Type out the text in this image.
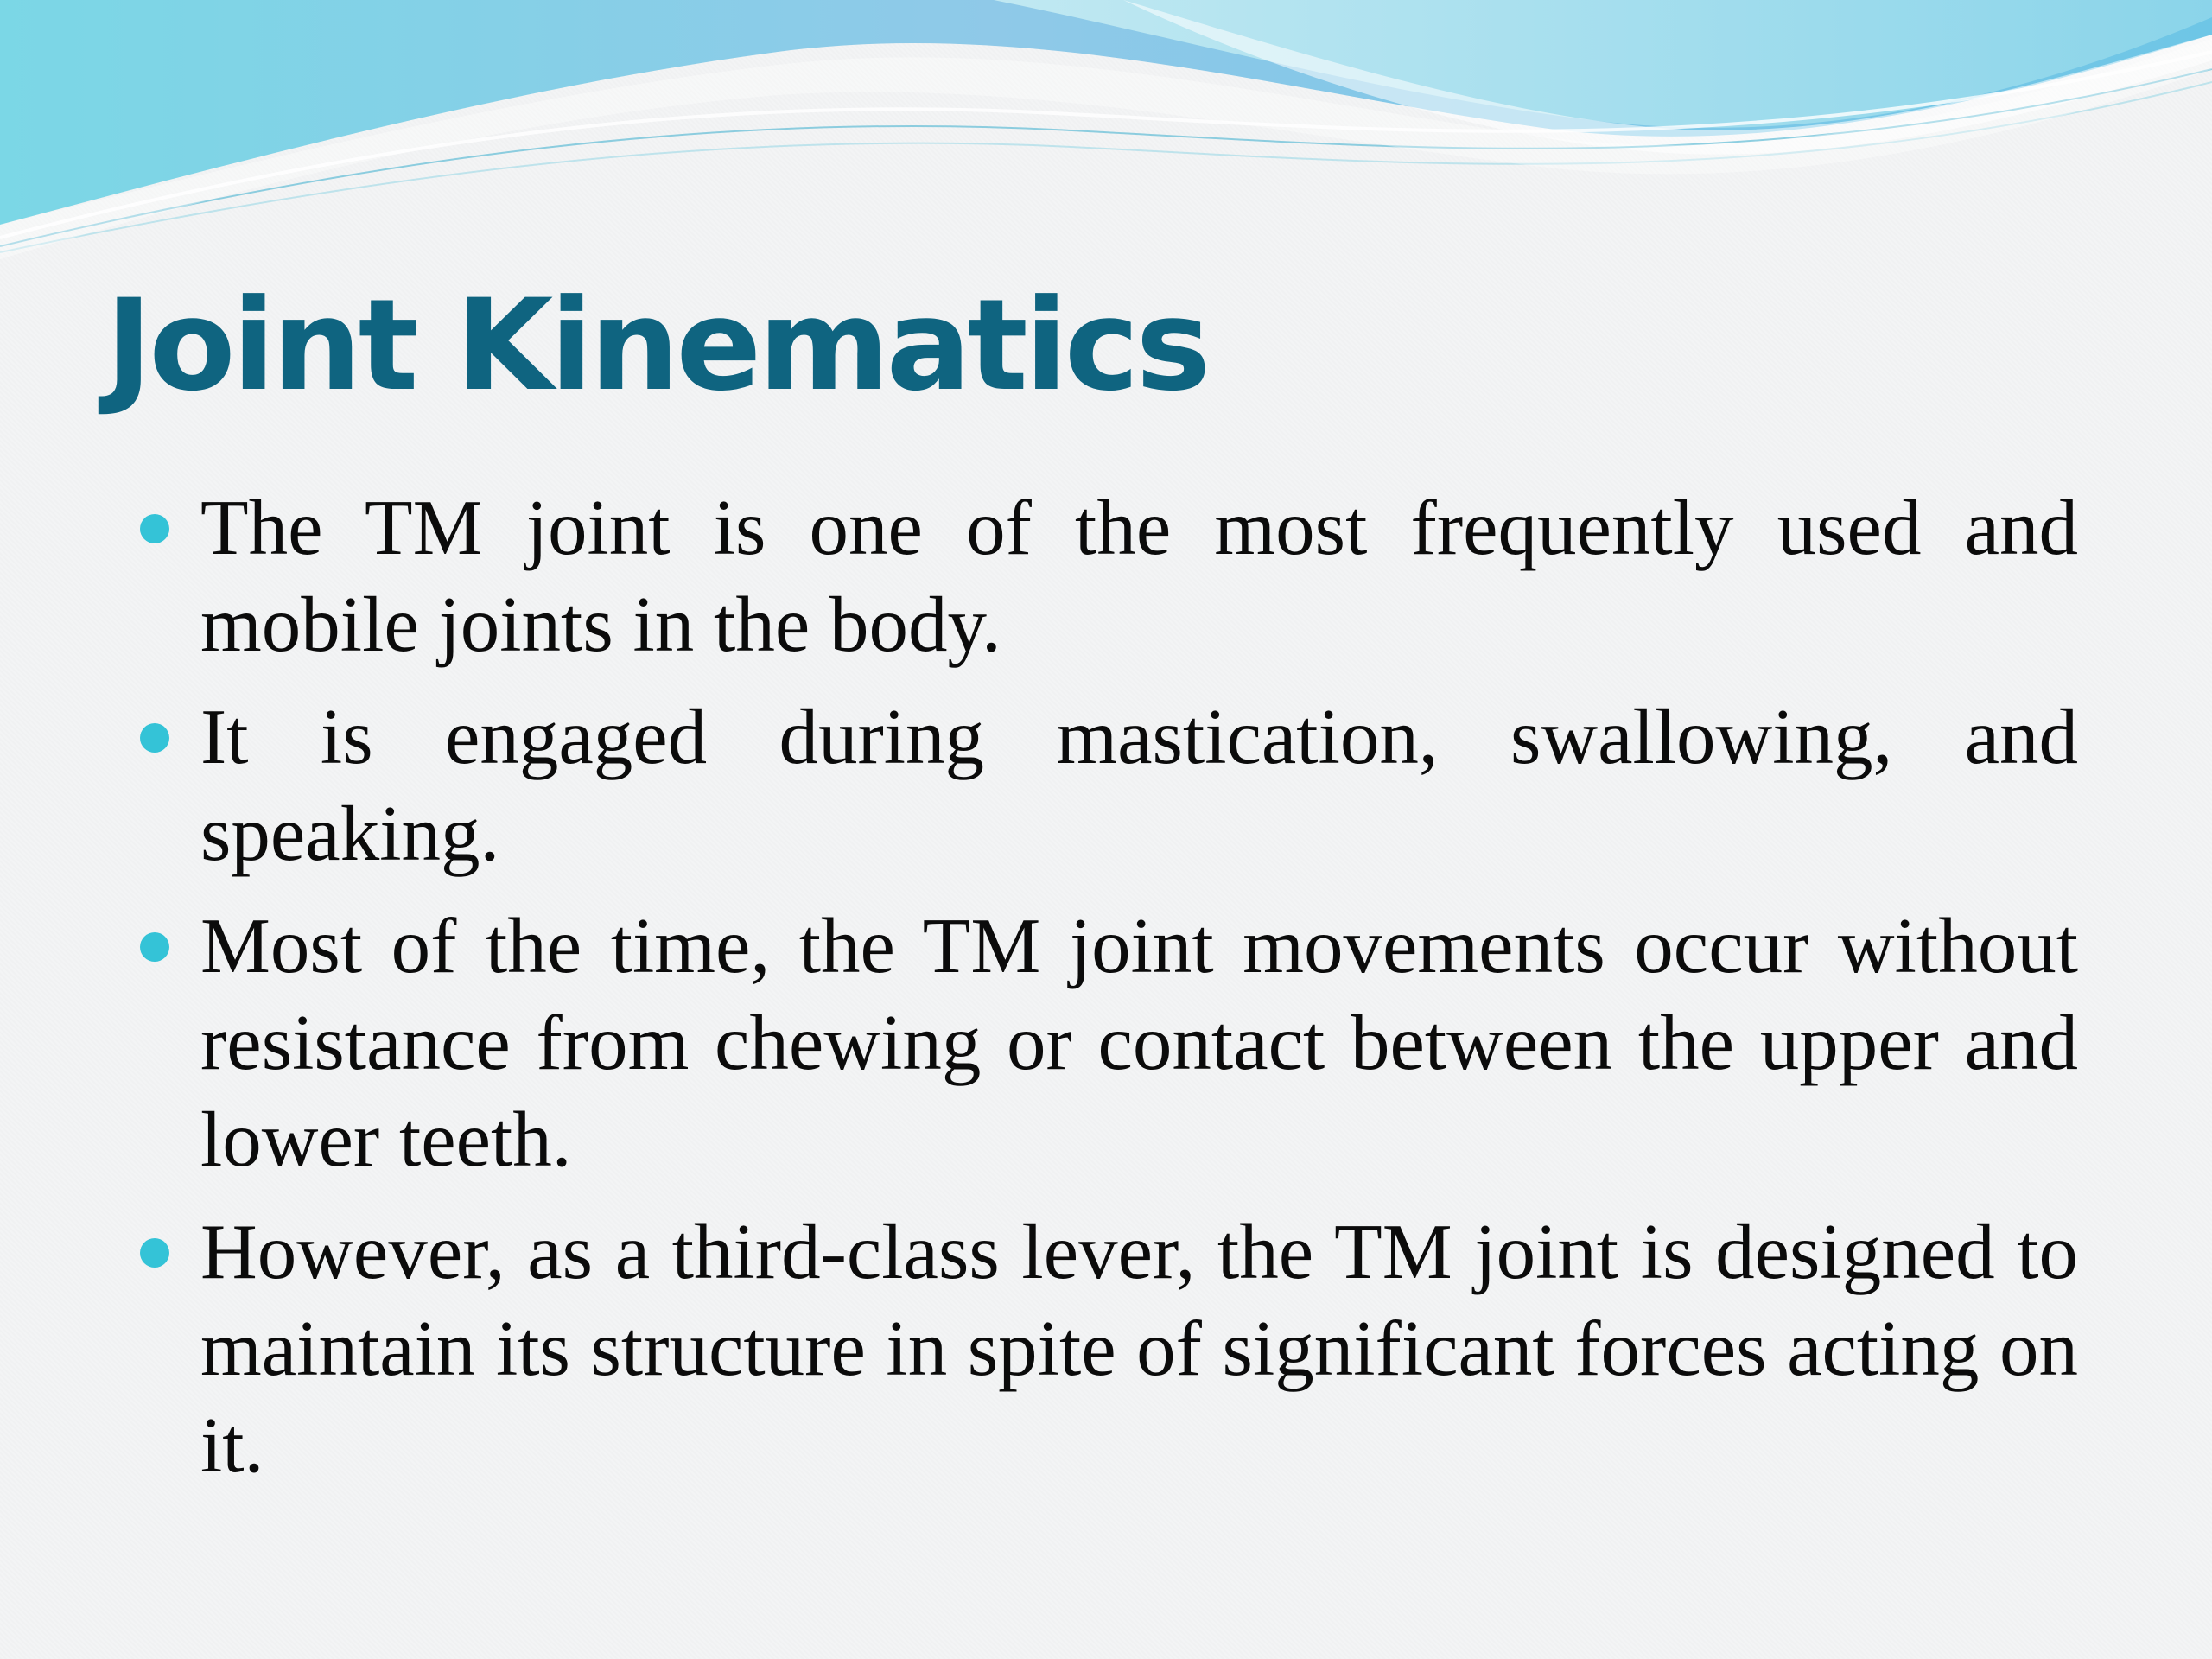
Joint Kinematics
The TM joint is one of the most frequently used and mobile joints in the body.
It is engaged during mastication, swallowing, and speaking.
Most of the time, the TM joint movements occur without resistance from chewing or contact between the upper and lower teeth.
However, as a third-class lever, the TM joint is designed to maintain its structure in spite of significant forces acting on it.
